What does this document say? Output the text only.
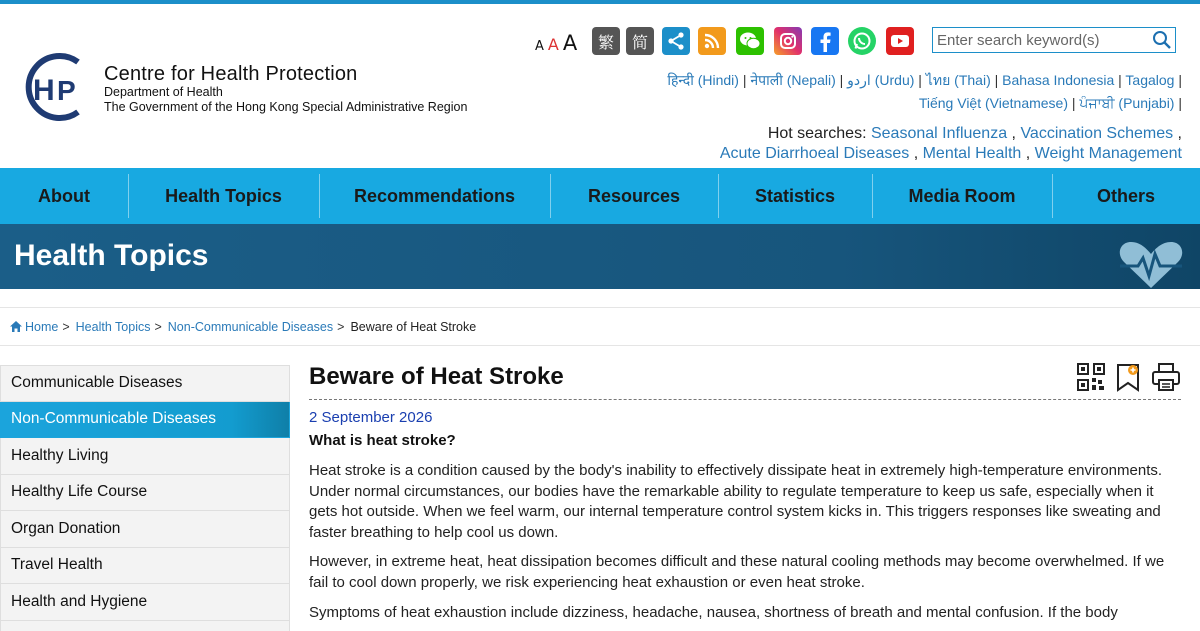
H P
Centre for Health Protection
Department of Health
The Government of the Hong Kong Special Administrative Region
A A A	繁	简
Enter search keyword(s)
हिन्दी (Hindi) | नेपाली (Nepali) | اردو (Urdu) | ไทย (Thai) | Bahasa Indonesia | Tagalog |
Tiếng Việt (Vietnamese) | ਪੰਜਾਬੀ (Punjabi) |
Hot searches: Seasonal Influenza , Vaccination Schemes ,
Acute Diarrhoeal Diseases , Mental Health , Weight Management
About	Health Topics	Recommendations	Resources	Statistics	Media Room	Others
Health Topics
Home > Health Topics > Non-Communicable Diseases > Beware of Heat Stroke
Communicable Diseases
Non-Communicable Diseases
Healthy Living
Healthy Life Course
Organ Donation
Travel Health
Health and Hygiene
Beware of Heat Stroke
2 September 2026
What is heat stroke?

Heat stroke is a condition caused by the body's inability to effectively dissipate heat in extremely high-temperature environments. Under normal circumstances, our bodies have the remarkable ability to regulate temperature to keep us safe, especially when it gets hot outside. When we feel warm, our internal temperature control system kicks in. This triggers responses like sweating and faster breathing to help cool us down.

However, in extreme heat, heat dissipation becomes difficult and these natural cooling methods may become overwhelmed. If we fail to cool down properly, we risk experiencing heat exhaustion or even heat stroke.

Symptoms of heat exhaustion include dizziness, headache, nausea, shortness of breath and mental confusion. If the body
